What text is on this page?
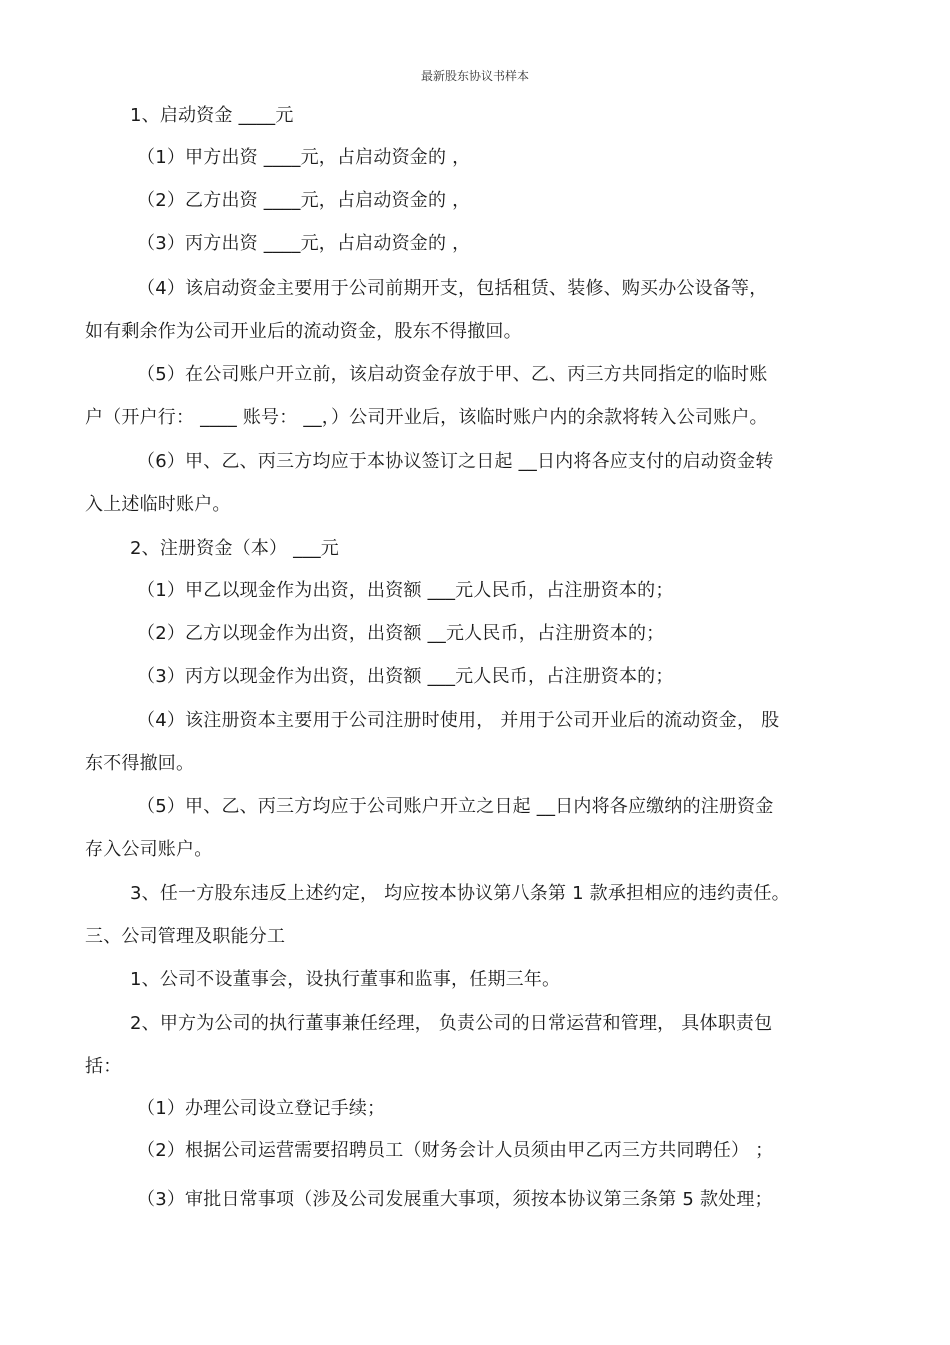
最新股东协议书样本
1、启动资金 ____元
（1）甲方出资 ____元，占启动资金的 ，
（2）乙方出资 ____元，占启动资金的 ，
（3）丙方出资 ____元，占启动资金的 ，
（4）该启动资金主要用于公司前期开支，包括租赁、装修、购买办公设备等，
如有剩余作为公司开业后的流动资金，股东不得撤回。
（5）在公司账户开立前，该启动资金存放于甲、乙、丙三方共同指定的临时账
户（开户行： ____ 账号： __，）公司开业后，该临时账户内的余款将转入公司账户。
（6）甲、乙、丙三方均应于本协议签订之日起 __日内将各应支付的启动资金转
入上述临时账户。
2、注册资金（本） ___元
（1）甲乙以现金作为出资，出资额 ___元人民币，占注册资本的；
（2）乙方以现金作为出资，出资额 __元人民币，占注册资本的；
（3）丙方以现金作为出资，出资额 ___元人民币，占注册资本的；
（4）该注册资本主要用于公司注册时使用， 并用于公司开业后的流动资金， 股
东不得撤回。
（5）甲、乙、丙三方均应于公司账户开立之日起 __日内将各应缴纳的注册资金
存入公司账户。
3、任一方股东违反上述约定， 均应按本协议第八条第 1 款承担相应的违约责任。
三、公司管理及职能分工
1、公司不设董事会，设执行董事和监事，任期三年。
2、甲方为公司的执行董事兼任经理， 负责公司的日常运营和管理， 具体职责包
括：
（1）办理公司设立登记手续；
（2）根据公司运营需要招聘员工（财务会计人员须由甲乙丙三方共同聘任） ；
（3）审批日常事项（涉及公司发展重大事项，须按本协议第三条第 5 款处理；
